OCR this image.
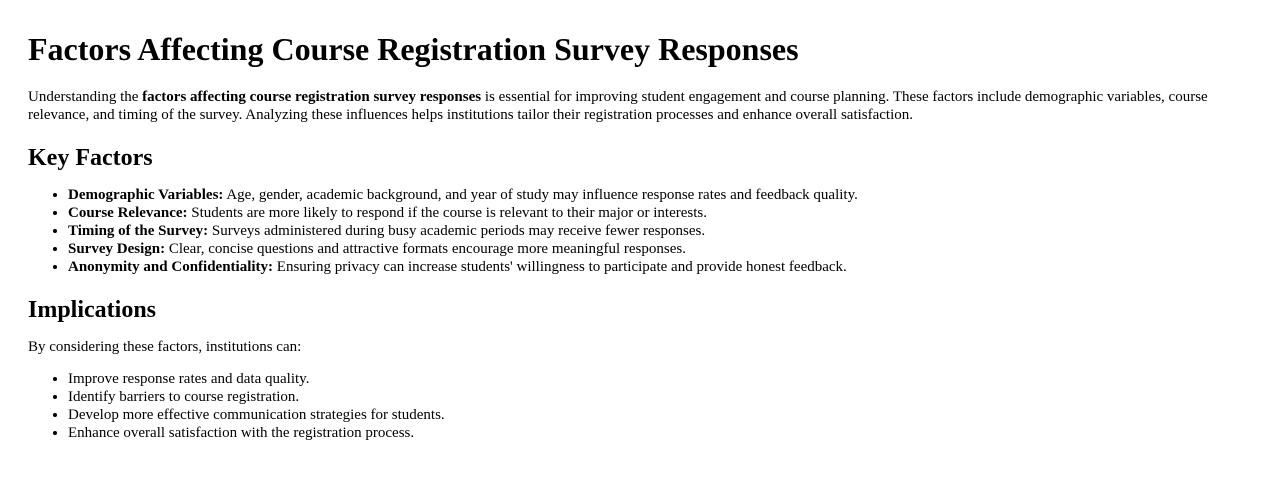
Factors Affecting Course Registration Survey Responses

Understanding the factors affecting course registration survey responses is essential for improving student engagement and course planning. These factors include demographic variables, course relevance, and timing of the survey. Analyzing these influences helps institutions tailor their registration processes and enhance overall satisfaction.

Key Factors
• Demographic Variables: Age, gender, academic background, and year of study may influence response rates and feedback quality.
• Course Relevance: Students are more likely to respond if the course is relevant to their major or interests.
• Timing of the Survey: Surveys administered during busy academic periods may receive fewer responses.
• Survey Design: Clear, concise questions and attractive formats encourage more meaningful responses.
• Anonymity and Confidentiality: Ensuring privacy can increase students' willingness to participate and provide honest feedback.
Implications

By considering these factors, institutions can:

• Improve response rates and data quality.
• Identify barriers to course registration.
• Develop more effective communication strategies for students.
• Enhance overall satisfaction with the registration process.
